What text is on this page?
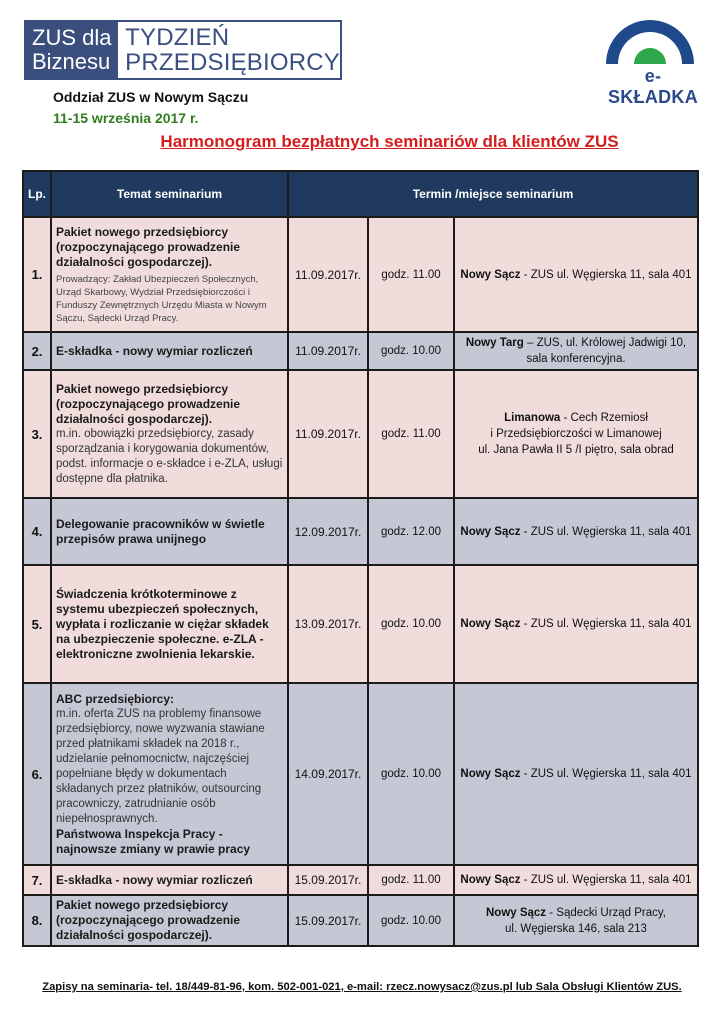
ZUS dla
Biznesu
TYDZIEŃ
PRZEDSIĘBIORCY	e-SKŁADKA
Oddział ZUS w Nowym Sączu
11-15 września 2017 r.
Harmonogram bezpłatnych seminariów dla klientów ZUS
Lp.	Temat seminarium	Termin /miejsce seminarium		
1.	Pakiet nowego przedsiębiorcy (rozpoczynającego prowadzenie działalności gospodarczej).
Prowadzący: Zakład Ubezpieczeń Społecznych, Urząd Skarbowy, Wydział Przedsiębiorczości i Funduszy Zewnętrznych Urzędu Miasta w Nowym Sączu, Sądecki Urząd Pracy.	11.09.2017r.	godz. 11.00	Nowy Sącz - ZUS ul. Węgierska 11, sala 401
2.	E-składka - nowy wymiar rozliczeń	11.09.2017r.	godz. 10.00	Nowy Targ – ZUS, ul. Królowej Jadwigi 10, sala konferencyjna.
3.	
Pakiet nowego przedsiębiorcy (rozpoczynającego prowadzenie działalności gospodarczej).
m.in. obowiązki przedsiębiorcy, zasady sporządzania i korygowania dokumentów, podst. informacje o e-składce i e-ZLA, usługi dostępne dla płatnika.
	11.09.2017r.	godz. 11.00	Limanowa - Cech Rzemiosł
i Przedsiębiorczości w Limanowej
ul. Jana Pawła II 5 /I piętro, sala obrad
4.	Delegowanie pracowników w świetle przepisów prawa unijnego	12.09.2017r.	godz. 12.00	Nowy Sącz - ZUS ul. Węgierska 11, sala 401
5.	Świadczenia krótkoterminowe z systemu ubezpieczeń społecznych, wypłata i rozliczanie w ciężar składek na ubezpieczenie społeczne. e-ZLA - elektroniczne zwolnienia lekarskie.	13.09.2017r.	godz. 10.00	Nowy Sącz - ZUS ul. Węgierska 11, sala 401
6.	ABC przedsiębiorcy:
m.in. oferta ZUS na problemy finansowe przedsiębiorcy, nowe wyzwania stawiane przed płatnikami składek na 2018 r., udzielanie pełnomocnictw, najczęściej popełniane błędy w dokumentach składanych przez płatników, outsourcing pracowniczy, zatrudnianie osób niepełnosprawnych.
Państwowa Inspekcja Pracy - najnowsze zmiany w prawie pracy	14.09.2017r.	godz. 10.00	Nowy Sącz - ZUS ul. Węgierska 11, sala 401
7.	E-składka - nowy wymiar rozliczeń	15.09.2017r.	godz. 11.00	Nowy Sącz - ZUS ul. Węgierska 11, sala 401
8.	Pakiet nowego przedsiębiorcy (rozpoczynającego prowadzenie działalności gospodarczej).	15.09.2017r.	godz. 10.00	Nowy Sącz - Sądecki Urząd Pracy,
ul. Węgierska 146, sala 213
Zapisy na seminaria- tel. 18/449-81-96, kom. 502-001-021, e-mail: rzecz.nowysacz@zus.pl lub Sala Obsługi Klientów ZUS.
